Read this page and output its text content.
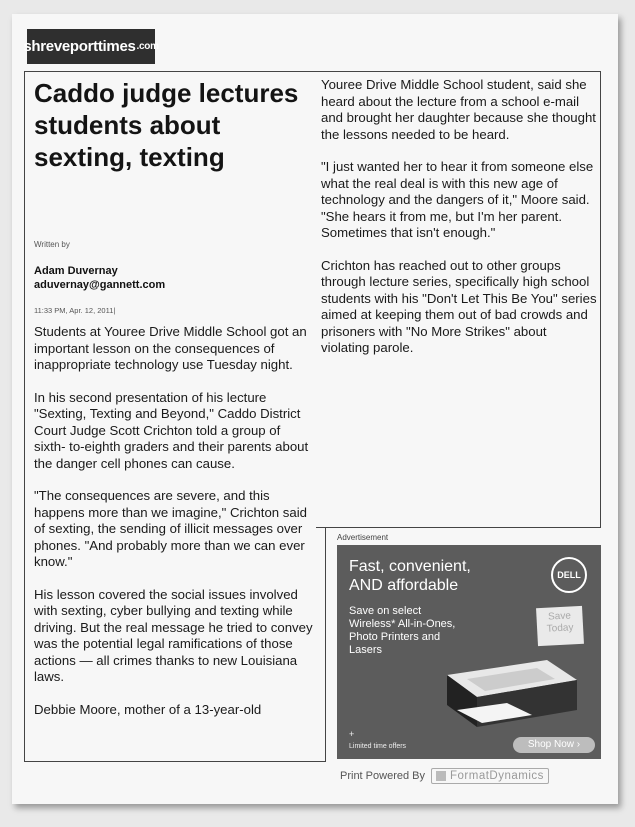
shreveporttimes .com
Caddo judge lectures students about sexting, texting
Written by
Adam Duvernay
aduvernay@gannett.com
11:33 PM, Apr. 12, 2011|

Students at Youree Drive Middle School got an important lesson on the consequences of inappropriate technology use Tuesday night.

In his second presentation of his lecture "Sexting, Texting and Beyond," Caddo District Court Judge Scott Crichton told a group of sixth- to-eighth graders and their parents about the danger cell phones can cause.

"The consequences are severe, and this happens more than we imagine," Crichton said of sexting, the sending of illicit messages over phones. "And probably more than we can ever know."

His lesson covered the social issues involved with sexting, cyber bullying and texting while driving. But the real message he tried to convey was the potential legal ramifications of those actions — all crimes thanks to new Louisiana laws.

Debbie Moore, mother of a 13-year-old

Youree Drive Middle School student, said she heard about the lecture from a school e-mail and brought her daughter because she thought the lessons needed to be heard.

"I just wanted her to hear it from someone else what the real deal is with this new age of technology and the dangers of it," Moore said. "She hears it from me, but I'm her parent. Sometimes that isn't enough."

Crichton has reached out to other groups through lecture series, specifically high school students with his "Don't Let This Be You" series aimed at keeping them out of bad crowds and prisoners with "No More Strikes" about violating parole.

Advertisement
Fast, convenient,
AND affordable
Save on select Wireless* All-in-Ones, Photo Printers and Lasers
DELL
Save
Today
+
Limited time offers	Shop Now ›
Print Powered By FormatDynamics
